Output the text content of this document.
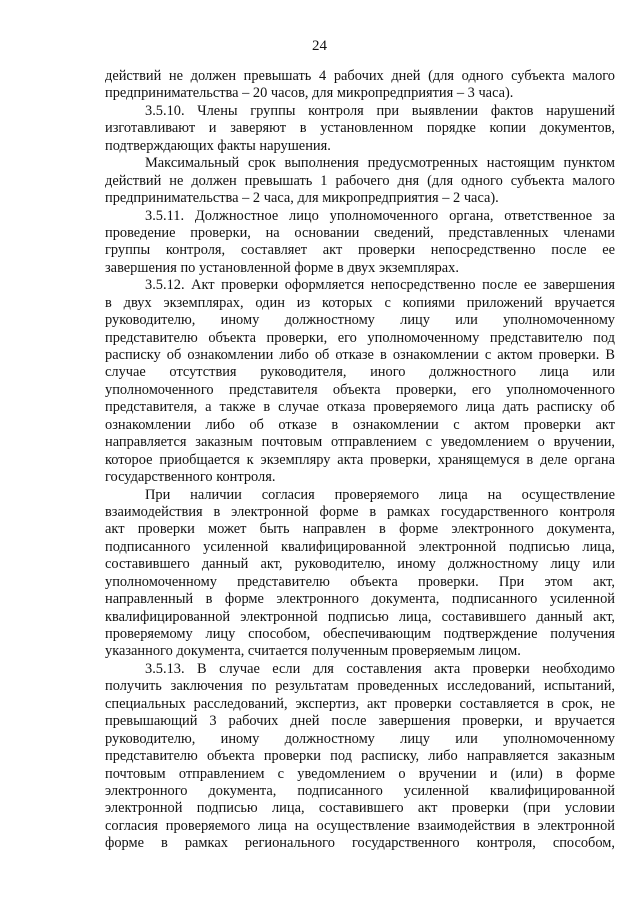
24
действий не должен превышать 4 рабочих дней (для одного субъекта малого
предпринимательства – 20 часов, для микропредприятия – 3 часа).
3.5.10. Члены группы контроля при выявлении фактов нарушений
изготавливают и заверяют в установленном порядке копии документов,
подтверждающих факты нарушения.
Максимальный срок выполнения предусмотренных настоящим пунктом
действий не должен превышать 1 рабочего дня (для одного субъекта малого
предпринимательства – 2 часа, для микропредприятия – 2 часа).
3.5.11. Должностное лицо уполномоченного органа, ответственное за
проведение проверки, на основании сведений, представленных членами
группы контроля, составляет акт проверки непосредственно после ее
завершения по установленной форме в двух экземплярах.
3.5.12. Акт проверки оформляется непосредственно после ее завершения
в двух экземплярах, один из которых с копиями приложений вручается
руководителю, иному должностному лицу или уполномоченному
представителю объекта проверки, его уполномоченному представителю под
расписку об ознакомлении либо об отказе в ознакомлении с актом проверки. В
случае отсутствия руководителя, иного должностного лица или
уполномоченного представителя объекта проверки, его уполномоченного
представителя, а также в случае отказа проверяемого лица дать расписку об
ознакомлении либо об отказе в ознакомлении с актом проверки акт
направляется заказным почтовым отправлением с уведомлением о вручении,
которое приобщается к экземпляру акта проверки, хранящемуся в деле органа
государственного контроля.
При наличии согласия проверяемого лица на осуществление
взаимодействия в электронной форме в рамках государственного контроля
акт проверки может быть направлен в форме электронного документа,
подписанного усиленной квалифицированной электронной подписью лица,
составившего данный акт, руководителю, иному должностному лицу или
уполномоченному представителю объекта проверки. При этом акт,
направленный в форме электронного документа, подписанного усиленной
квалифицированной электронной подписью лица, составившего данный акт,
проверяемому лицу способом, обеспечивающим подтверждение получения
указанного документа, считается полученным проверяемым лицом.
3.5.13. В случае если для составления акта проверки необходимо
получить заключения по результатам проведенных исследований, испытаний,
специальных расследований, экспертиз, акт проверки составляется в срок, не
превышающий 3 рабочих дней после завершения проверки, и вручается
руководителю, иному должностному лицу или уполномоченному
представителю объекта проверки под расписку, либо направляется заказным
почтовым отправлением с уведомлением о вручении и (или) в форме
электронного документа, подписанного усиленной квалифицированной
электронной подписью лица, составившего акт проверки (при условии
согласия проверяемого лица на осуществление взаимодействия в электронной
форме в рамках регионального государственного контроля, способом,
